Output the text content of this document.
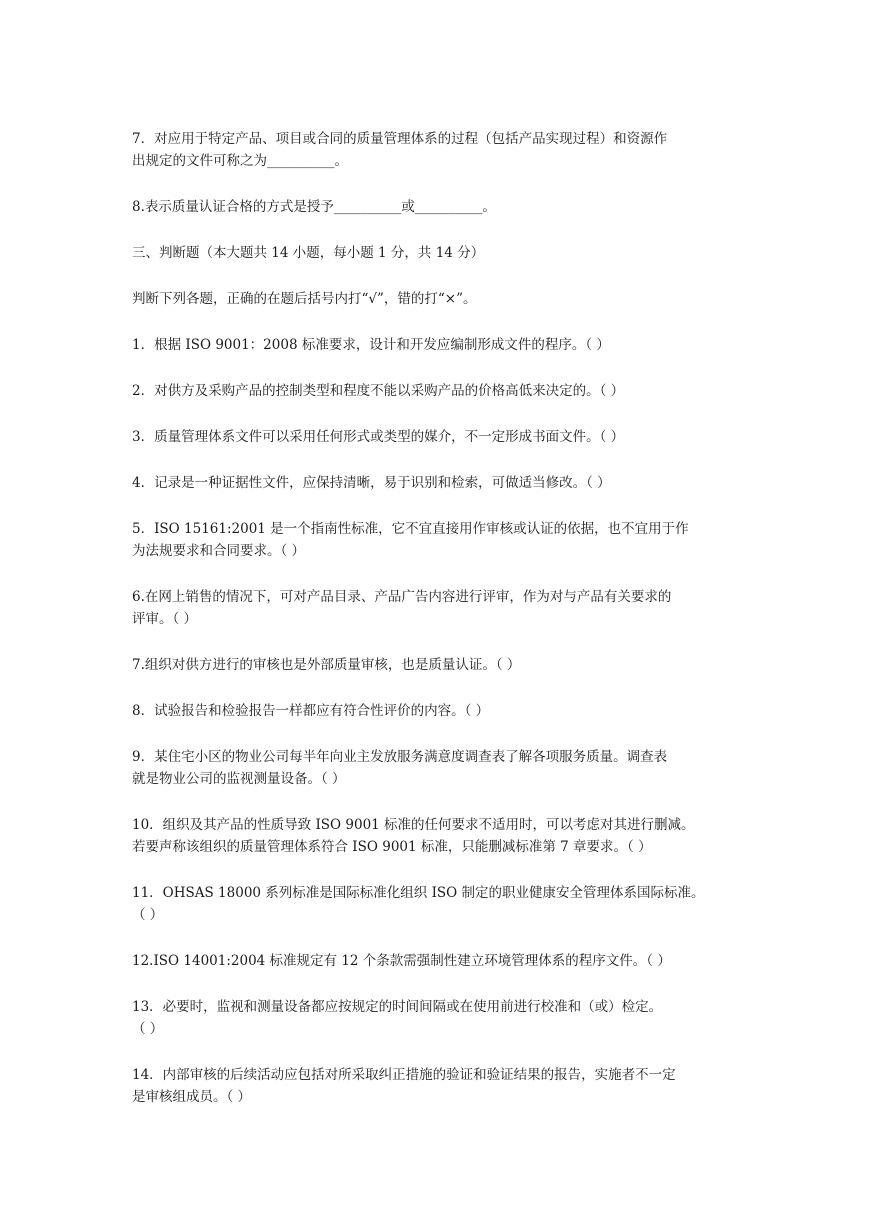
7．对应用于特定产品、项目或合同的质量管理体系的过程（包括产品实现过程）和资源作
出规定的文件可称之为__________。
8.表示质量认证合格的方式是授予__________或__________。
三、判断题（本大题共 14 小题，每小题 1 分，共 14 分）
判断下列各题，正确的在题后括号内打“√”，错的打“×”。
1．根据 ISO 9001：2008 标准要求，设计和开发应编制形成文件的程序。（ ）
2．对供方及采购产品的控制类型和程度不能以采购产品的价格高低来决定的。（ ）
3．质量管理体系文件可以采用任何形式或类型的媒介，不一定形成书面文件。（ ）
4．记录是一种证据性文件，应保持清晰，易于识别和检索，可做适当修改。（ ）
5．ISO 15161:2001 是一个指南性标准，它不宜直接用作审核或认证的依据，也不宜用于作
为法规要求和合同要求。（ ）
6.在网上销售的情况下，可对产品目录、产品广告内容进行评审，作为对与产品有关要求的
评审。（ ）
7.组织对供方进行的审核也是外部质量审核，也是质量认证。（ ）
8．试验报告和检验报告一样都应有符合性评价的内容。（ ）
9．某住宅小区的物业公司每半年向业主发放服务满意度调查表了解各项服务质量。调查表
就是物业公司的监视测量设备。（ ）
10．组织及其产品的性质导致 ISO 9001 标准的任何要求不适用时，可以考虑对其进行删减。
若要声称该组织的质量管理体系符合 ISO 9001 标准，只能删减标准第 7 章要求。（ ）
11．OHSAS 18000 系列标准是国际标准化组织 ISO 制定的职业健康安全管理体系国际标准。
（ ）
12.ISO 14001:2004 标准规定有 12 个条款需强制性建立环境管理体系的程序文件。（ ）
13．必要时，监视和测量设备都应按规定的时间间隔或在使用前进行校准和（或）检定。
（ ）
14．内部审核的后续活动应包括对所采取纠正措施的验证和验证结果的报告，实施者不一定
是审核组成员。（ ）
